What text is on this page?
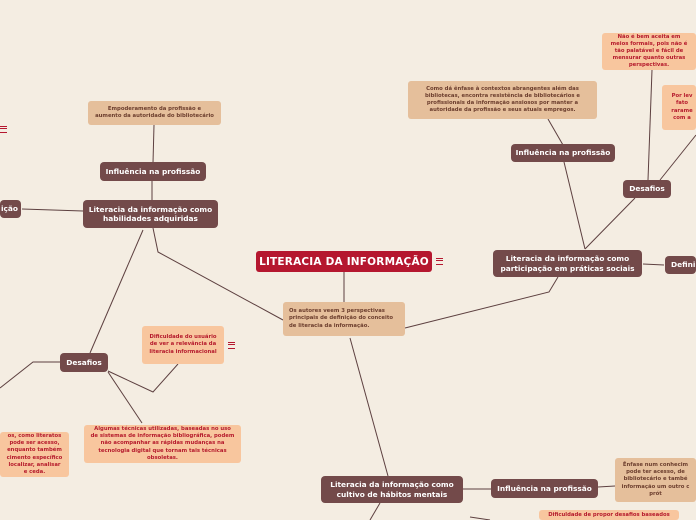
LITERACIA DA INFORMAÇÃO
Os autores veem 3 perspectivas principais de definição do conceito de literacia da informação.
Literacia da informação como habilidades adquiridas
Influência na profissão
Empoderamento da profissão e aumento da autoridade do bibliotecário
ição
Desafios
Dificuldade do usuário de ver a relevância da literacia informacional
Algumas técnicas utilizadas, baseadas no uso de sistemas de informação bibliográfica, podem não acompanhar as rápidas mudanças na tecnologia digital que tornam tais técnicas obsoletas.
os, como literatos pode ser acesso, enquanto também cimento específico localizar, analisar e ceda.
Literacia da informação como participação em práticas sociais
Influência na profissão
Como dá ênfase à contextos abrangentes além das bibliotecas, encontra resistência de bibliotecários e profissionais da informação ansiosos por manter a autoridade da profissão e seus atuais empregos.
Desafios
Não é bem aceita em meios formais, pois não é tão palatável e fácil de mensurar quanto outras perspectivas.
Por lev fato rarame com a
Defini
Literacia da informação como cultivo de hábitos mentais
Influência na profissão
Ênfase num conhecim pode ter acesso, de bibliotecário e també informação um outro c prót
Dificuldade de propor desafios baseados
